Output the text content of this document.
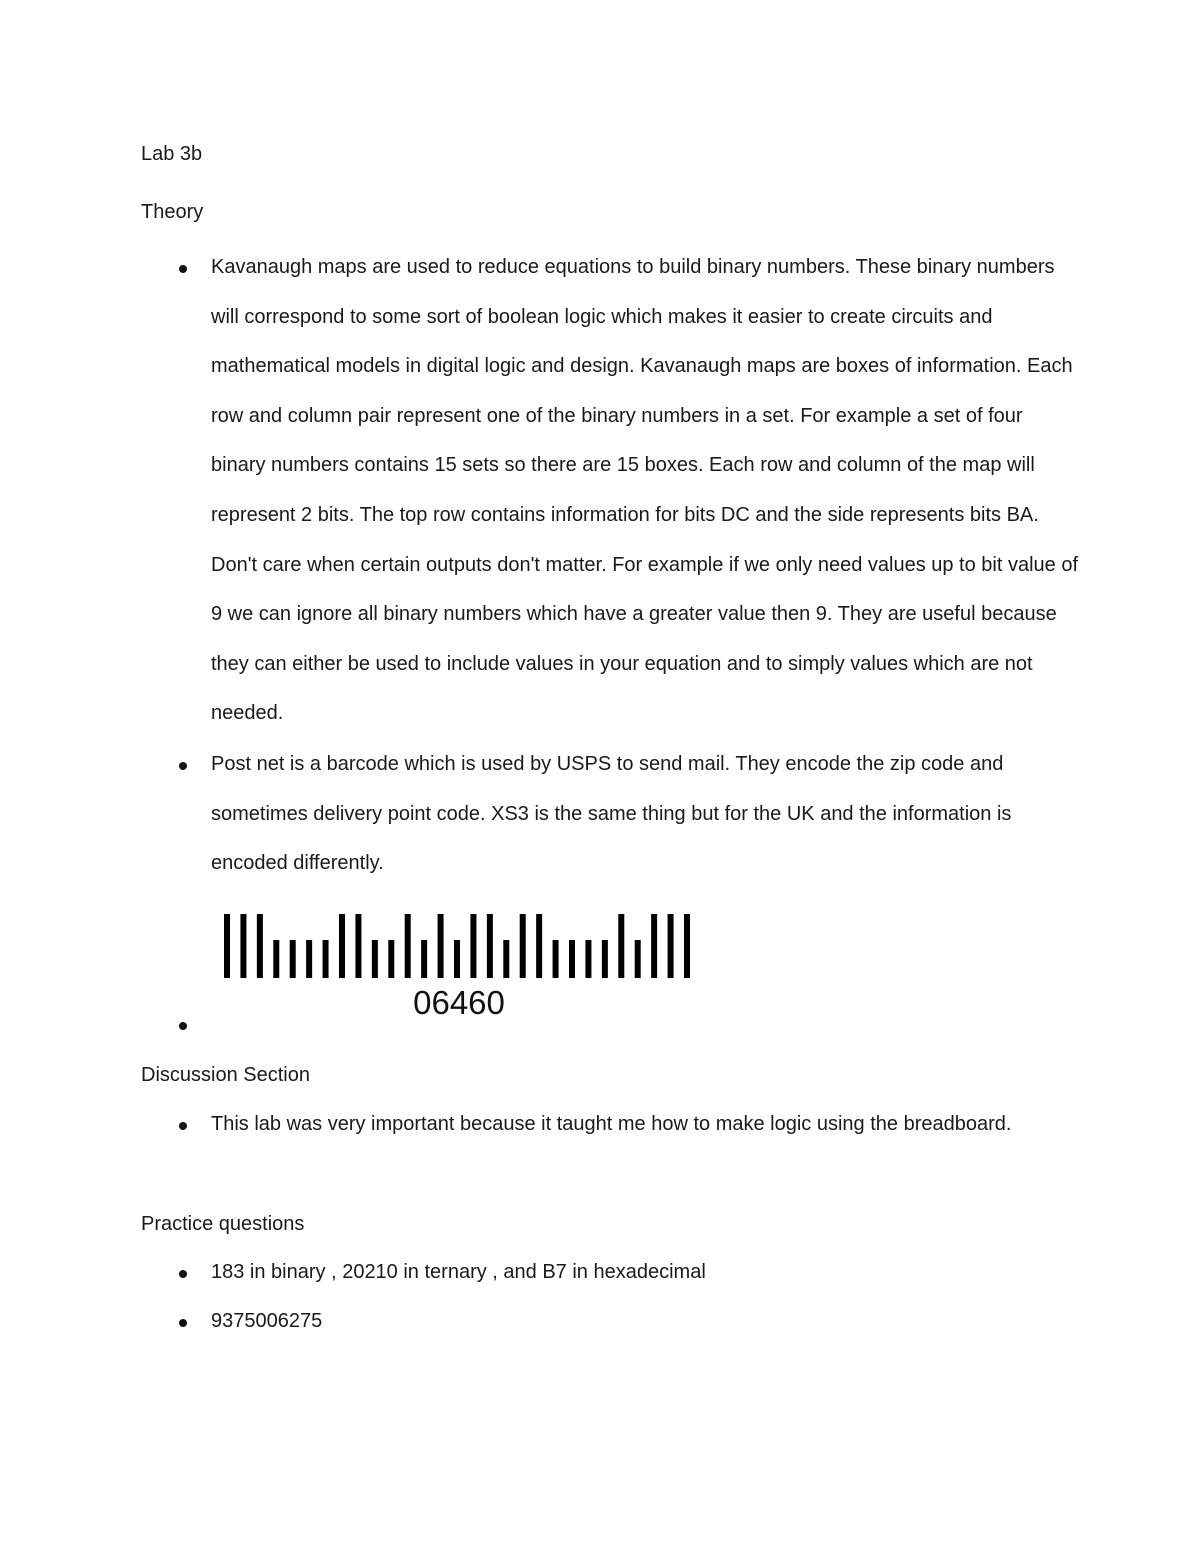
Lab 3b
Theory
Kavanaugh maps are used to reduce equations to build binary numbers. These binary numbers will correspond to some sort of boolean logic which makes it easier to create circuits and mathematical models in digital logic and design. Kavanaugh maps are boxes of information. Each row and column pair represent one of the binary numbers in a set. For example a set of four binary numbers contains 15 sets so there are 15 boxes. Each row and column of the map will represent 2 bits. The top row contains information for bits DC and the side represents bits BA. Don't care when certain outputs don't matter. For example if we only need values up to bit value of 9 we can ignore all binary numbers which have a greater value then 9. They are useful because they can either be used to include values in your equation and to simply values which are not needed.
Post net is a barcode which is used by USPS to send mail. They encode the zip code and sometimes delivery point code. XS3 is the same thing but for the UK and the information is encoded differently.
06460
Discussion Section
This lab was very important because it taught me how to make logic using the breadboard.
Practice questions
183 in binary , 20210 in ternary , and B7 in hexadecimal
9375006275
